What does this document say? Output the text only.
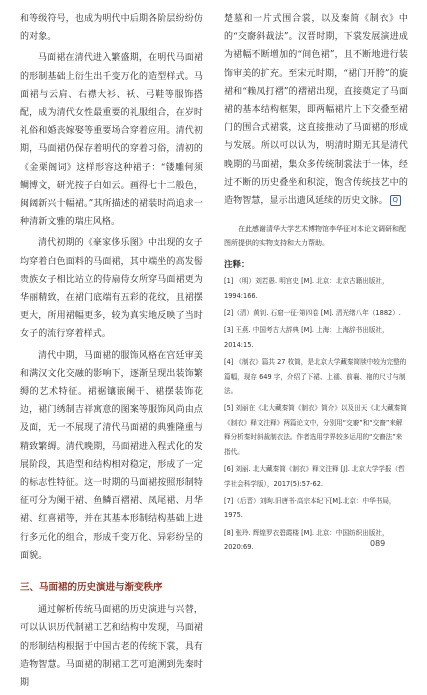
和等级符号，也成为明代中后期各阶层纷纷仿的对象。

马面裙在清代进入繁盛期，在明代马面裙的形制基础上衍生出千变万化的造型样式。马面裙与云肩、右襟大衫、袄、弓鞋等服饰搭配，成为清代女性最重要的礼服组合，在岁时礼俗和婚丧嫁娶等重要场合穿着应用。清代初期，马面裙仍保存着明代的穿着习俗，清初的《金栗阁词》这样形容这种裙子：“镂雕何须鲷博文，研光按子白如云。画得七十二般色，闽阔新兴十幅裙。”其所描述的裙装时尚追求一种清新文雅的瑞庄风格。

清代初期的《豪家侈乐图》中出现的女子均穿着白色面料的马面裙，其中端坐的高发髻贵族女子相比站立的侍扇侍女所穿马面裙更为华丽精致，在裙门底端有五彩的花纹，且裙摆更大，所用裙幅更多，较为真实地反映了当时女子的流行穿着样式。

清代中期，马面裙的服饰风格在宫廷审美和满汉文化交融的影响下，逐渐呈现出装饰繁缛的艺术特征。裙裾镶嵌阑干、裙摆装饰花边，裙门绣制吉祥寓意的图案等服饰风尚由点及面，无一不展现了清代马面裙的典雅隆重与精致繁缛。清代晚期，马面裙进入程式化的发展阶段，其造型和结构相对稳定，形成了一定的标志性特征。这一时期的马面裙按照形制特征可分为阑干裙、鱼鳞百褶裙、凤尾裙、月华裙、红喜裙等，并在其基本形制结构基础上进行多元化的组合，形成千变万化、异彩纷呈的面貌。

三、马面裙的历史演进与渐变秩序

通过解析传统马面裙的历史演进与兴替，可以认识历代制裙工艺和结构中发现，马面裙的形制结构根据于中国古老的传统下裳，具有造物智慧。马面裙的制裙工艺可追溯到先秦时期

楚墓和一片式围合裳，以及秦简《制衣》中的“交窬斜裁法”。汉晋时期，下裳发展演进成为裙幅不断增加的“间色裙”，且不断地进行装饰审美的扩充。至宋元时期，“裙门开胯”的旋裙和“赖凤打褶”的褶裙出现，直接奠定了马面裙的基本结构框架，即两幅裙片上下交叠至裙门的围合式裙裳，这直接推动了马面裙的形成与发展。所以可以认为，明清时期无其是清代晚期的马面裙，集众多传统制裳法于一体，经过不断的历史叠坐和积淀，饱含传统技艺中的造物智慧，显示出遗风延续的历史文脉。 Q

在此感谢清华大学艺术博物馆李华征对本论文调研和配图所提供的实物支持和大力帮助。

注释：

[1] （明）刘若愚. 明宫史 [M]. 北京：北京古籍出版社，1994:166.

[2]（清）黄钊. 石窟一征·第四卷 [M]. 清光绪八年（1882）.

[3] 王燕. 中国考古大辞典 [M]. 上海：上海辞书出版社，2014:15.

[4] 《制衣》篇共 27 枚简，是北京大学藏秦简牍中较为完整的篇幅，现存 649 字，介绍了下裙、上襦、前襄、袍的尺寸与制法。

[5] 刘丽在《北大藏秦简《制衣》简介》以及田天《北大藏秦简《制衣》释文注释》两篇论文中，分别用“交窬”和“交窬”来解释分析秦时斜裁制衣法。作者选用学界较多运用的“交窬法”来指代。

[6] 刘丽. 北大藏秦简《制衣》释文注释 [J]. 北京大学学报（哲学社会科学版），2017(5):57-62.

[7]（后晋）刘昫.旧唐书·高宗本纪下[M].北京：中华书局，1975.

[8] 张玲. 辉煌罗衣碧霞楼 [M]. 北京：中国纺织出版社，2020:69.	089
